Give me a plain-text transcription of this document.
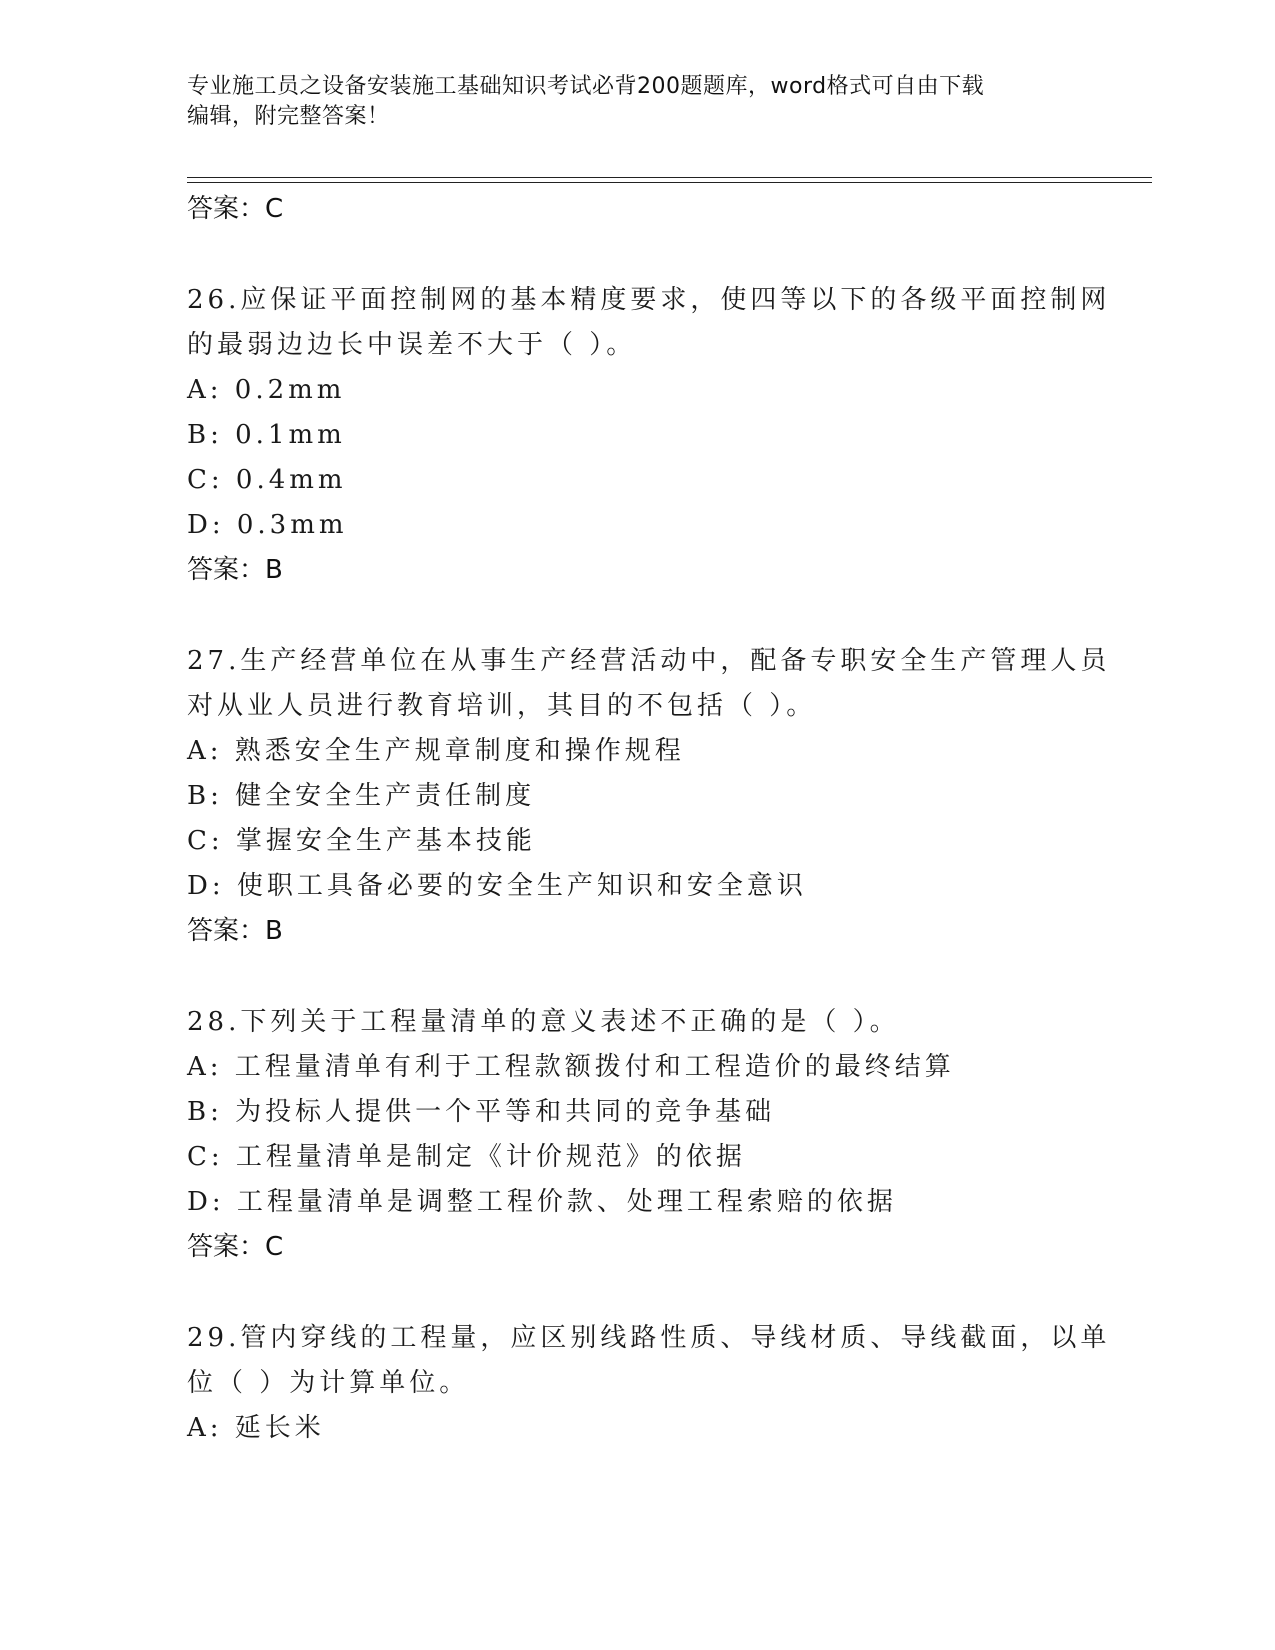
专业施工员之设备安装施工基础知识考试必背200题题库，word格式可自由下载
编辑，附完整答案！
答案：C
26.应保证平面控制网的基本精度要求，使四等以下的各级平面控制网
的最弱边边长中误差不大于（ ）。
A: 0.2mm
B: 0.1mm
C: 0.4mm
D: 0.3mm
答案：B
27.生产经营单位在从事生产经营活动中，配备专职安全生产管理人员
对从业人员进行教育培训，其目的不包括（ ）。
A: 熟悉安全生产规章制度和操作规程
B: 健全安全生产责任制度
C: 掌握安全生产基本技能
D: 使职工具备必要的安全生产知识和安全意识
答案：B
28.下列关于工程量清单的意义表述不正确的是（ ）。
A: 工程量清单有利于工程款额拨付和工程造价的最终结算
B: 为投标人提供一个平等和共同的竞争基础
C: 工程量清单是制定《计价规范》的依据
D: 工程量清单是调整工程价款、处理工程索赔的依据
答案：C
29.管内穿线的工程量，应区别线路性质、导线材质、导线截面，以单
位（ ）为计算单位。
A: 延长米
